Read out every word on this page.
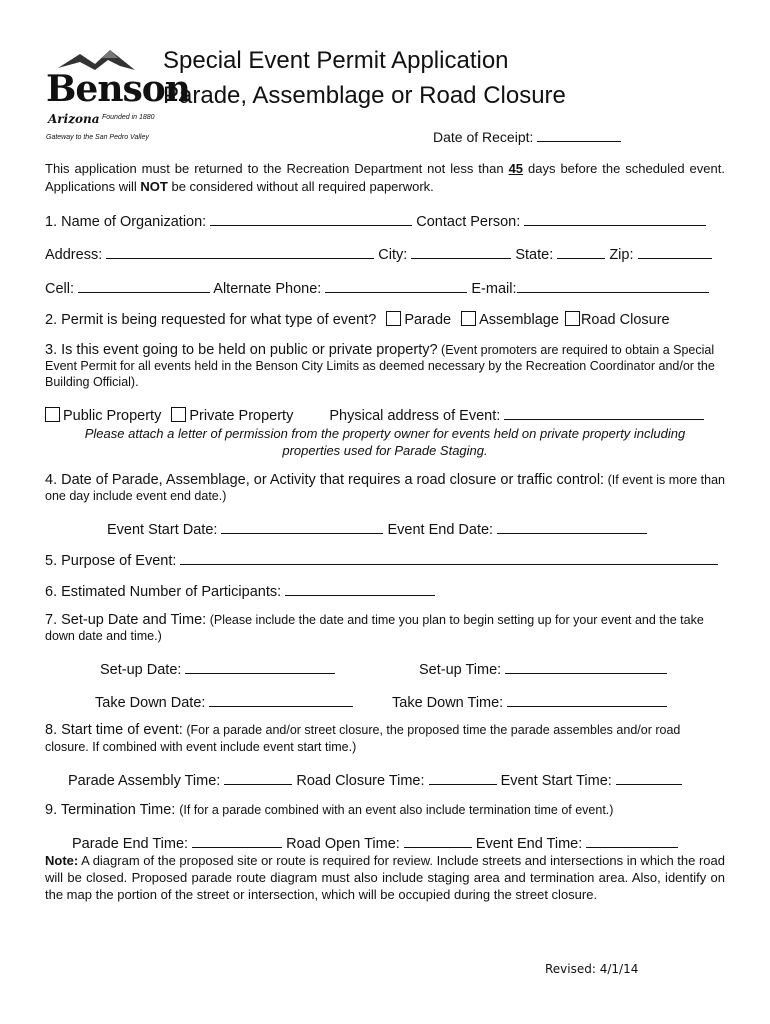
Benson
Arizona Founded in 1880
Gateway to the San Pedro Valley
Special Event Permit Application
Parade, Assemblage or Road Closure
Date of Receipt:
This application must be returned to the Recreation Department not less than 45 days before the scheduled event. Applications will NOT be considered without all required paperwork.
1. Name of Organization:	Contact Person:
Address:	City:	State:	Zip:
Cell:	Alternate Phone:	E-mail:
2. Permit is being requested for what type of event? Parade Assemblage Road Closure
3. Is this event going to be held on public or private property? (Event promoters are required to obtain a Special Event Permit for all events held in the Benson City Limits as deemed necessary by the Recreation Coordinator and/or the Building Official).
Public Property Private Property Physical address of Event:
Please attach a letter of permission from the property owner for events held on private property including properties used for Parade Staging.
4. Date of Parade, Assemblage, or Activity that requires a road closure or traffic control: (If event is more than one day include event end date.)
Event Start Date:	Event End Date:
5. Purpose of Event:
6. Estimated Number of Participants:
7. Set-up Date and Time: (Please include the date and time you plan to begin setting up for your event and the take down date and time.)
Set-up Date:	Set-up Time:
Take Down Date:	Take Down Time:
8. Start time of event: (For a parade and/or street closure, the proposed time the parade assembles and/or road closure. If combined with event include event start time.)
Parade Assembly Time:	Road Closure Time:	Event Start Time:
9. Termination Time: (If for a parade combined with an event also include termination time of event.)
Parade End Time:	Road Open Time:	Event End Time:
Note: A diagram of the proposed site or route is required for review. Include streets and intersections in which the road will be closed. Proposed parade route diagram must also include staging area and termination area. Also, identify on the map the portion of the street or intersection, which will be occupied during the street closure.
Revised: 4/1/14
